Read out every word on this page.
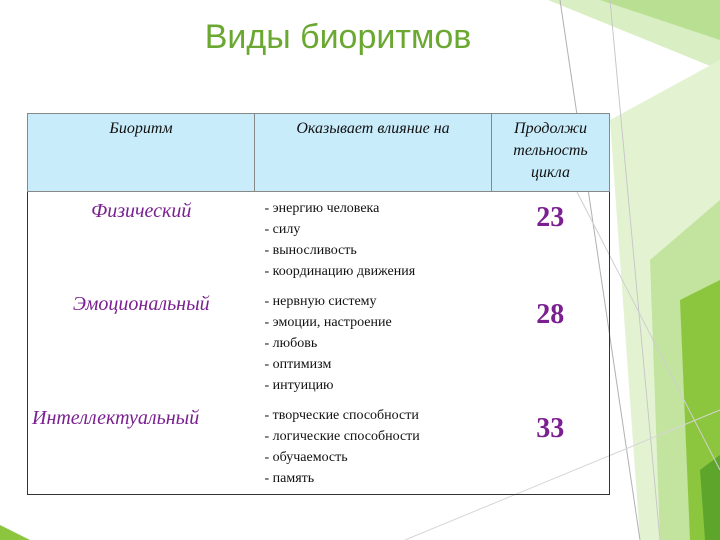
Виды биоритмов
Биоритм	Оказывает влияние на	Продолжи
тельность
цикла

Физический	- энергию человека
- силу
- выносливость
- координацию движения	23
Эмоциональный	- нервную систему
- эмоции, настроение
- любовь
- оптимизм
- интуицию	28
Интеллектуальный	- творческие способности
- логические способности
- обучаемость
- память	33
